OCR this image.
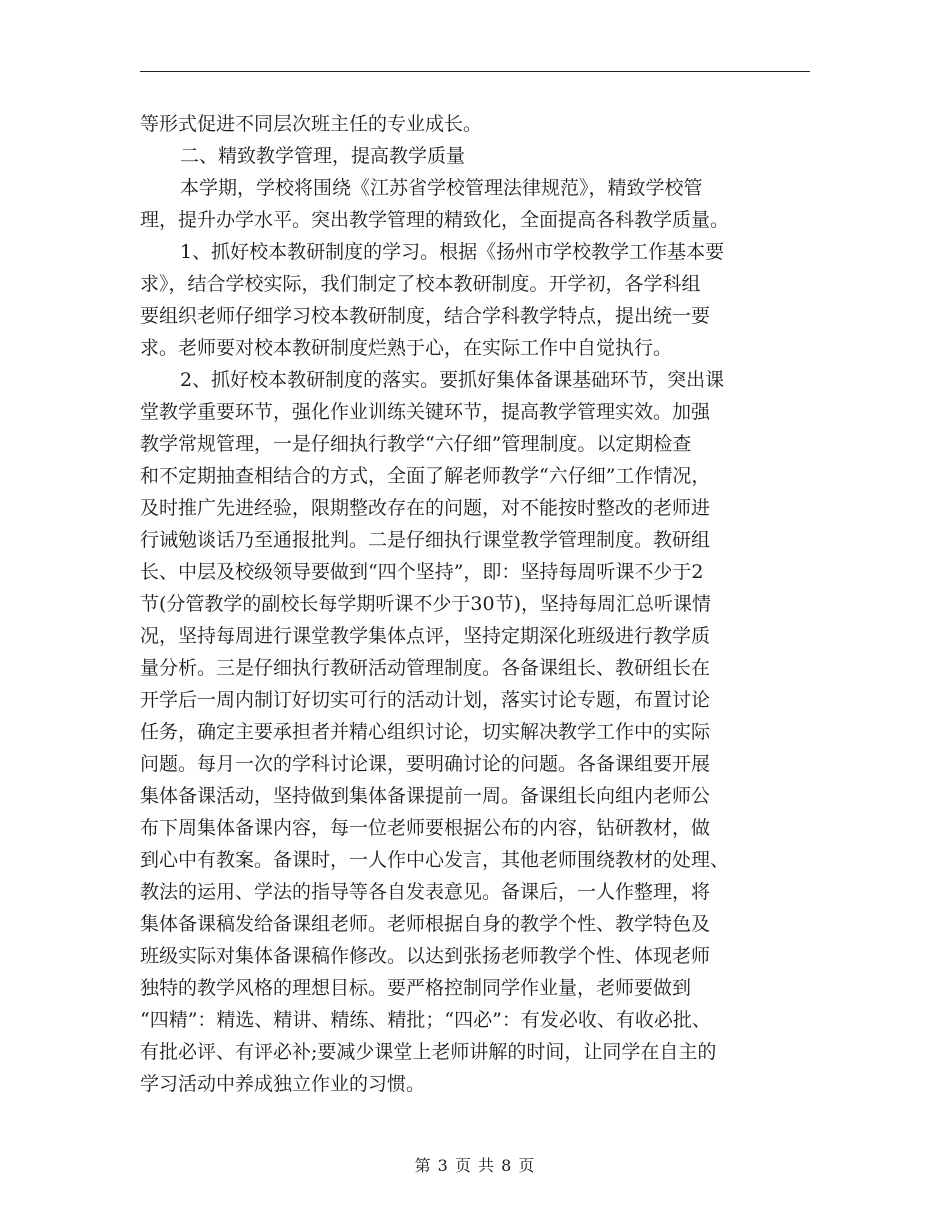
等形式促进不同层次班主任的专业成长。
二、精致教学管理，提高教学质量
本学期，学校将围绕《江苏省学校管理法律规范》，精致学校管
理，提升办学水平。突出教学管理的精致化，全面提高各科教学质量。
1、抓好校本教研制度的学习。根据《扬州市学校教学工作基本要
求》，结合学校实际，我们制定了校本教研制度。开学初，各学科组
要组织老师仔细学习校本教研制度，结合学科教学特点，提出统一要
求。老师要对校本教研制度烂熟于心，在实际工作中自觉执行。
2、抓好校本教研制度的落实。要抓好集体备课基础环节，突出课
堂教学重要环节，强化作业训练关键环节，提高教学管理实效。加强
教学常规管理，一是仔细执行教学“六仔细”管理制度。以定期检查
和不定期抽查相结合的方式，全面了解老师教学“六仔细”工作情况，
及时推广先进经验，限期整改存在的问题，对不能按时整改的老师进
行诫勉谈话乃至通报批判。二是仔细执行课堂教学管理制度。教研组
长、中层及校级领导要做到“四个坚持”，即：坚持每周听课不少于2
节(分管教学的副校长每学期听课不少于30节)，坚持每周汇总听课情
况，坚持每周进行课堂教学集体点评，坚持定期深化班级进行教学质
量分析。三是仔细执行教研活动管理制度。各备课组长、教研组长在
开学后一周内制订好切实可行的活动计划，落实讨论专题，布置讨论
任务，确定主要承担者并精心组织讨论，切实解决教学工作中的实际
问题。每月一次的学科讨论课，要明确讨论的问题。各备课组要开展
集体备课活动，坚持做到集体备课提前一周。备课组长向组内老师公
布下周集体备课内容，每一位老师要根据公布的内容，钻研教材，做
到心中有教案。备课时，一人作中心发言，其他老师围绕教材的处理、
教法的运用、学法的指导等各自发表意见。备课后，一人作整理，将
集体备课稿发给备课组老师。老师根据自身的教学个性、教学特色及
班级实际对集体备课稿作修改。以达到张扬老师教学个性、体现老师
独特的教学风格的理想目标。要严格控制同学作业量，老师要做到
“四精”：精选、精讲、精练、精批；“四必”：有发必收、有收必批、
有批必评、有评必补;要减少课堂上老师讲解的时间，让同学在自主的
学习活动中养成独立作业的习惯。
第 3 页 共 8 页
